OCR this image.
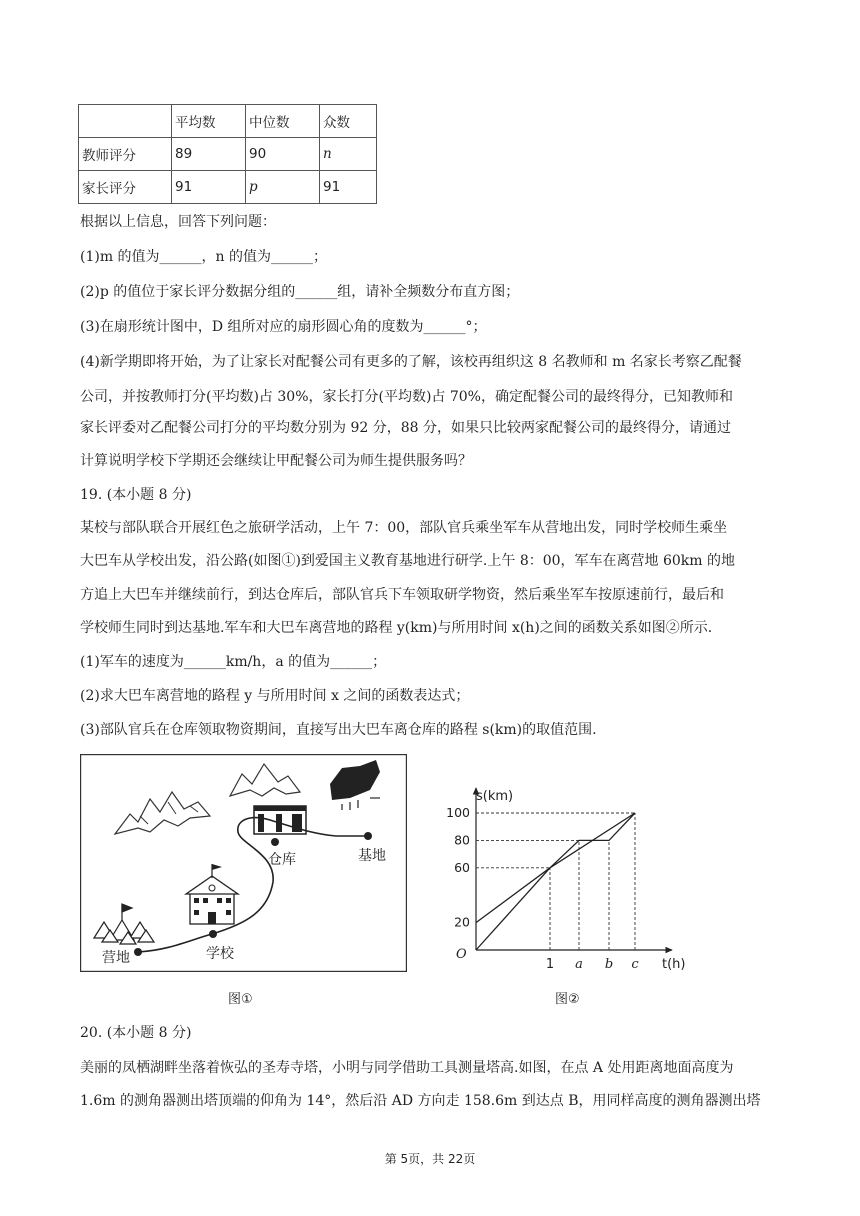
	平均数	中位数	众数
教师评分	89	90	n
家长评分	91	p	91
根据以上信息，回答下列问题：
(1)m 的值为______，n 的值为______；
(2)p 的值位于家长评分数据分组的______组，请补全频数分布直方图；
(3)在扇形统计图中，D 组所对应的扇形圆心角的度数为______°；
(4)新学期即将开始，为了让家长对配餐公司有更多的了解，该校再组织这 8 名教师和 m 名家长考察乙配餐
公司，并按教师打分(平均数)占 30%，家长打分(平均数)占 70%，确定配餐公司的最终得分，已知教师和
家长评委对乙配餐公司打分的平均数分别为 92 分，88 分，如果只比较两家配餐公司的最终得分，请通过
计算说明学校下学期还会继续让甲配餐公司为师生提供服务吗？
19. (本小题 8 分)
某校与部队联合开展红色之旅研学活动，上午 7：00，部队官兵乘坐军车从营地出发，同时学校师生乘坐
大巴车从学校出发，沿公路(如图①)到爱国主义教育基地进行研学.上午 8：00，军车在离营地 60km 的地
方追上大巴车并继续前行，到达仓库后，部队官兵下车领取研学物资，然后乘坐军车按原速前行，最后和
学校师生同时到达基地.军车和大巴车离营地的路程 y(km)与所用时间 x(h)之间的函数关系如图②所示.
(1)军车的速度为______km/h，a 的值为______；
(2)求大巴车离营地的路程 y 与所用时间 x 之间的函数表达式；
(3)部队官兵在仓库领取物资期间，直接写出大巴车离仓库的路程 s(km)的取值范围.
营地	学校
仓库	基地
图①
s(km)
t(h)
O
20
60
80
100
1 a b c
图②
20. (本小题 8 分)
美丽的凤栖湖畔坐落着恢弘的圣寿寺塔，小明与同学借助工具测量塔高.如图，在点 A 处用距离地面高度为
1.6m 的测角器测出塔顶端的仰角为 14°，然后沿 AD 方向走 158.6m 到达点 B，用同样高度的测角器测出塔
第 5页，共 22页
